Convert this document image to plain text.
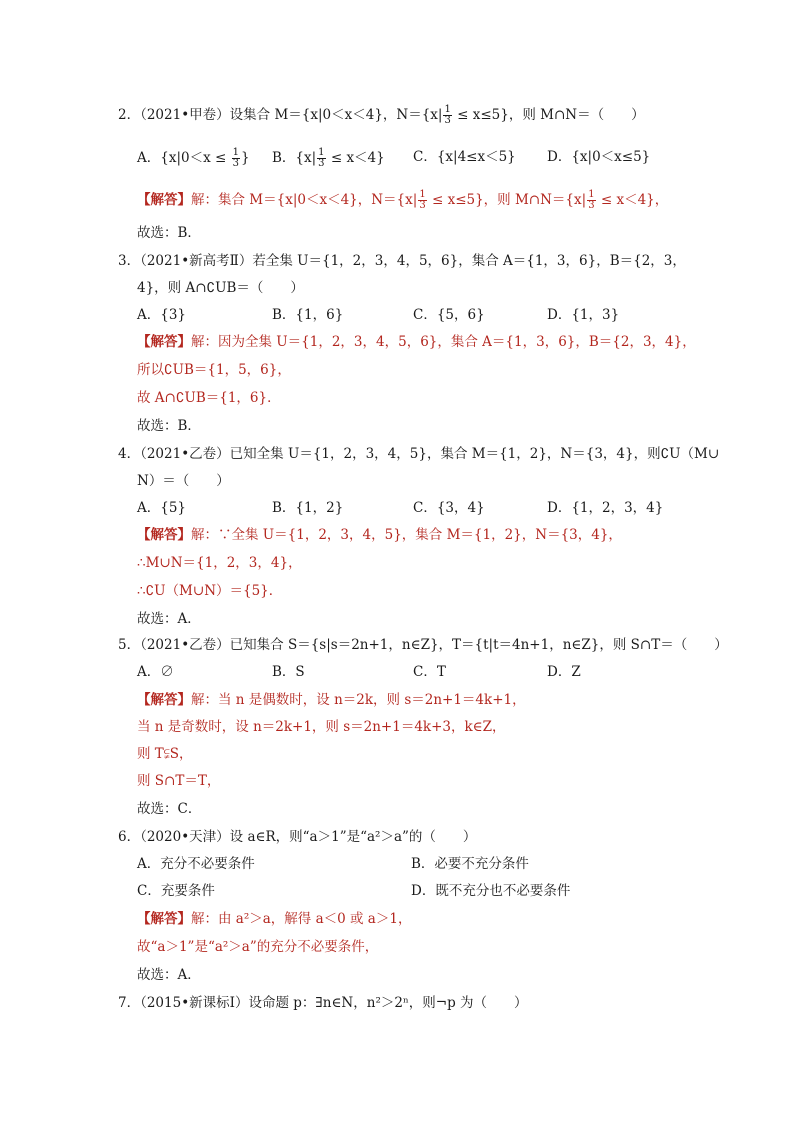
2．（2021•甲卷）设集合 M＝{x|0＜x＜4}，$N=\{x| \frac{1}{3} \le x\le 5\}$，则 M∩N＝（　　）
A．{$x|0<x \le \frac{1}{3}$ } B．$\{x| \frac{1}{3} \le x<4\}$ C．{x|4≤x＜5} D．{x|0＜x≤5}
【解答】解：集合 M＝{x|0＜x＜4}，$N=\{x| \frac{1}{3} \le x\le 5\}$，则 M∩N＝{x| $\frac{1}{3} \le x<4$}，
故选：B．
3．（2021•新高考Ⅱ）若全集 U＝{1，2，3，4，5，6}，集合 A＝{1，3，6}，B＝{2，3，
4}，则 A∩∁UB＝（　　）
A．{3}	B．{1，6}	C．{5，6}	D．{1，3}
【解答】解：因为全集 U＝{1，2，3，4，5，6}，集合 A＝{1，3，6}，B＝{2，3，4}，
所以∁UB＝{1，5，6}，
故 A∩∁UB＝{1，6}．
故选：B．
4．（2021•乙卷）已知全集 U＝{1，2，3，4，5}，集合 M＝{1，2}，N＝{3，4}，则∁U（M∪
N）＝（　　）
A．{5}	B．{1，2}	C．{3，4}	D．{1，2，3，4}
【解答】解：∵全集 U＝{1，2，3，4，5}，集合 M＝{1，2}，N＝{3，4}，
∴M∪N＝{1，2，3，4}，
∴∁U（M∪N）＝{5}．
故选：A．
5．（2021•乙卷）已知集合 S＝{s|s＝2n+1，n∈Z}，T＝{t|t＝4n+1，n∈Z}，则 S∩T＝（　　）
A．∅	B．S	C．T	D．Z
【解答】解：当 n 是偶数时，设 n＝2k，则 s＝2n+1＝4k+1，
当 n 是奇数时，设 n＝2k+1，则 s＝2n+1＝4k+3，k∈Z，
则 T⫋S，
则 S∩T＝T，
故选：C．
6．（2020•天津）设 a∈R，则“a＞1”是“a²＞a”的（　　）
A．充分不必要条件	B．必要不充分条件
C．充要条件	D．既不充分也不必要条件
【解答】解：由 a²＞a，解得 a＜0 或 a＞1，
故“a＞1”是“a²＞a”的充分不必要条件，
故选：A．
7．（2015•新课标Ⅰ）设命题 p：∃n∈N，n²＞2ⁿ，则¬p 为（　　）
